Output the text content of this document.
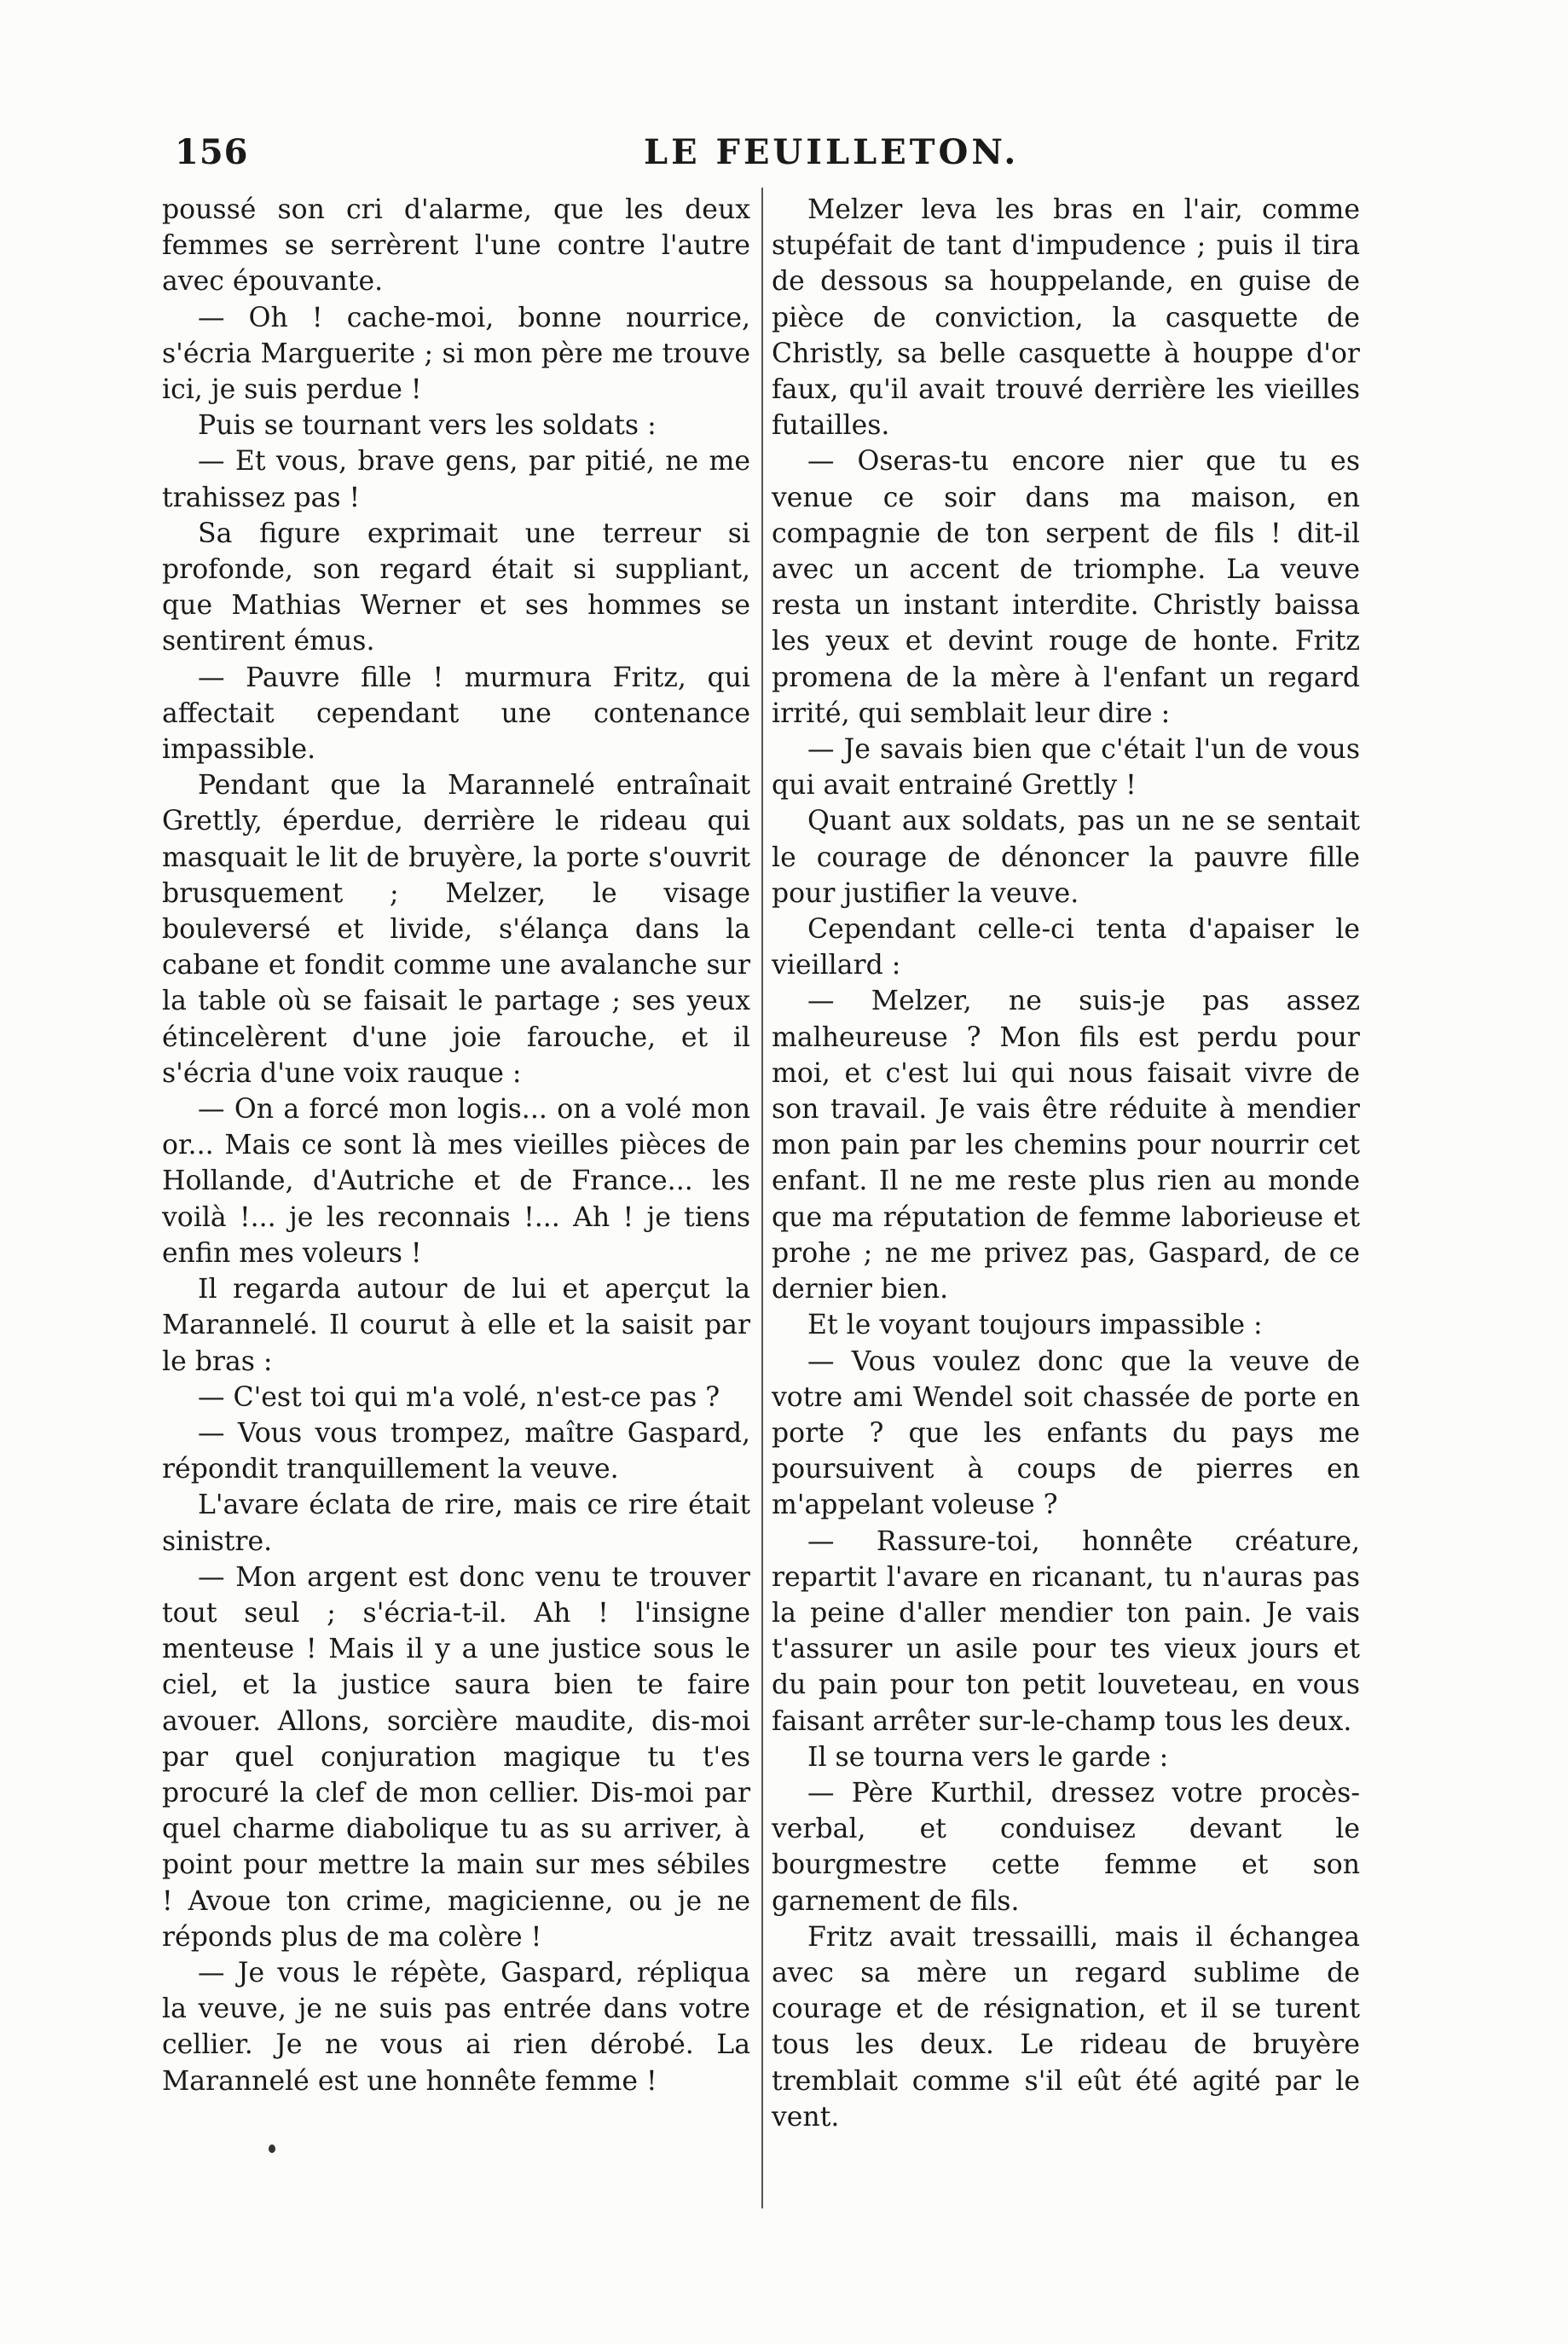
156	LE FEUILLETON.

poussé son cri d'alarme, que les deux femmes se serrèrent l'une contre l'autre avec épouvante.

— Oh ! cache-moi, bonne nourrice, s'écria Marguerite ; si mon père me trouve ici, je suis perdue !

Puis se tournant vers les soldats :

— Et vous, brave gens, par pitié, ne me trahissez pas !

Sa figure exprimait une terreur si profonde, son regard était si suppliant, que Mathias Werner et ses hommes se sentirent émus.

— Pauvre fille ! murmura Fritz, qui affectait cependant une contenance impassible.

Pendant que la Marannelé entraînait Grettly, éperdue, derrière le rideau qui masquait le lit de bruyère, la porte s'ouvrit brusquement ; Melzer, le visage bouleversé et livide, s'élança dans la cabane et fondit comme une avalanche sur la table où se faisait le partage ; ses yeux étincelèrent d'une joie farouche, et il s'écria d'une voix rauque :

— On a forcé mon logis... on a volé mon or... Mais ce sont là mes vieilles pièces de Hollande, d'Autriche et de France... les voilà !... je les reconnais !... Ah ! je tiens enfin mes voleurs !

Il regarda autour de lui et aperçut la Marannelé. Il courut à elle et la saisit par le bras :

— C'est toi qui m'a volé, n'est-ce pas ?

— Vous vous trompez, maître Gaspard, répondit tranquillement la veuve.

L'avare éclata de rire, mais ce rire était sinistre.

— Mon argent est donc venu te trouver tout seul ; s'écria-t-il. Ah ! l'insigne menteuse ! Mais il y a une justice sous le ciel, et la justice saura bien te faire avouer. Allons, sorcière maudite, dis-moi par quel conjuration magique tu t'es procuré la clef de mon cellier. Dis-moi par quel charme diabolique tu as su arriver, à point pour mettre la main sur mes sébiles ! Avoue ton crime, magicienne, ou je ne réponds plus de ma colère !

— Je vous le répète, Gaspard, répliqua la veuve, je ne suis pas entrée dans votre cellier. Je ne vous ai rien dérobé. La Marannelé est une honnête femme !

Melzer leva les bras en l'air, comme stupéfait de tant d'impudence ; puis il tira de dessous sa houppelande, en guise de pièce de conviction, la casquette de Christly, sa belle casquette à houppe d'or faux, qu'il avait trouvé derrière les vieilles futailles.

— Oseras-tu encore nier que tu es venue ce soir dans ma maison, en compagnie de ton serpent de fils ! dit-il avec un accent de triomphe. La veuve resta un instant interdite. Christly baissa les yeux et devint rouge de honte. Fritz promena de la mère à l'enfant un regard irrité, qui semblait leur dire :

— Je savais bien que c'était l'un de vous qui avait entrainé Grettly !

Quant aux soldats, pas un ne se sentait le courage de dénoncer la pauvre fille pour justifier la veuve.

Cependant celle-ci tenta d'apaiser le vieillard :

— Melzer, ne suis-je pas assez malheureuse ? Mon fils est perdu pour moi, et c'est lui qui nous faisait vivre de son travail. Je vais être réduite à mendier mon pain par les chemins pour nourrir cet enfant. Il ne me reste plus rien au monde que ma réputation de femme laborieuse et prohe ; ne me privez pas, Gaspard, de ce dernier bien.

Et le voyant toujours impassible :

— Vous voulez donc que la veuve de votre ami Wendel soit chassée de porte en porte ? que les enfants du pays me poursuivent à coups de pierres en m'appelant voleuse ?

— Rassure-toi, honnête créature, repartit l'avare en ricanant, tu n'auras pas la peine d'aller mendier ton pain. Je vais t'assurer un asile pour tes vieux jours et du pain pour ton petit louveteau, en vous faisant arrêter sur-le-champ tous les deux.

Il se tourna vers le garde :

— Père Kurthil, dressez votre procès-verbal, et conduisez devant le bourgmestre cette femme et son garnement de fils.

Fritz avait tressailli, mais il échangea avec sa mère un regard sublime de courage et de résignation, et il se turent tous les deux. Le rideau de bruyère tremblait comme s'il eût été agité par le vent.
